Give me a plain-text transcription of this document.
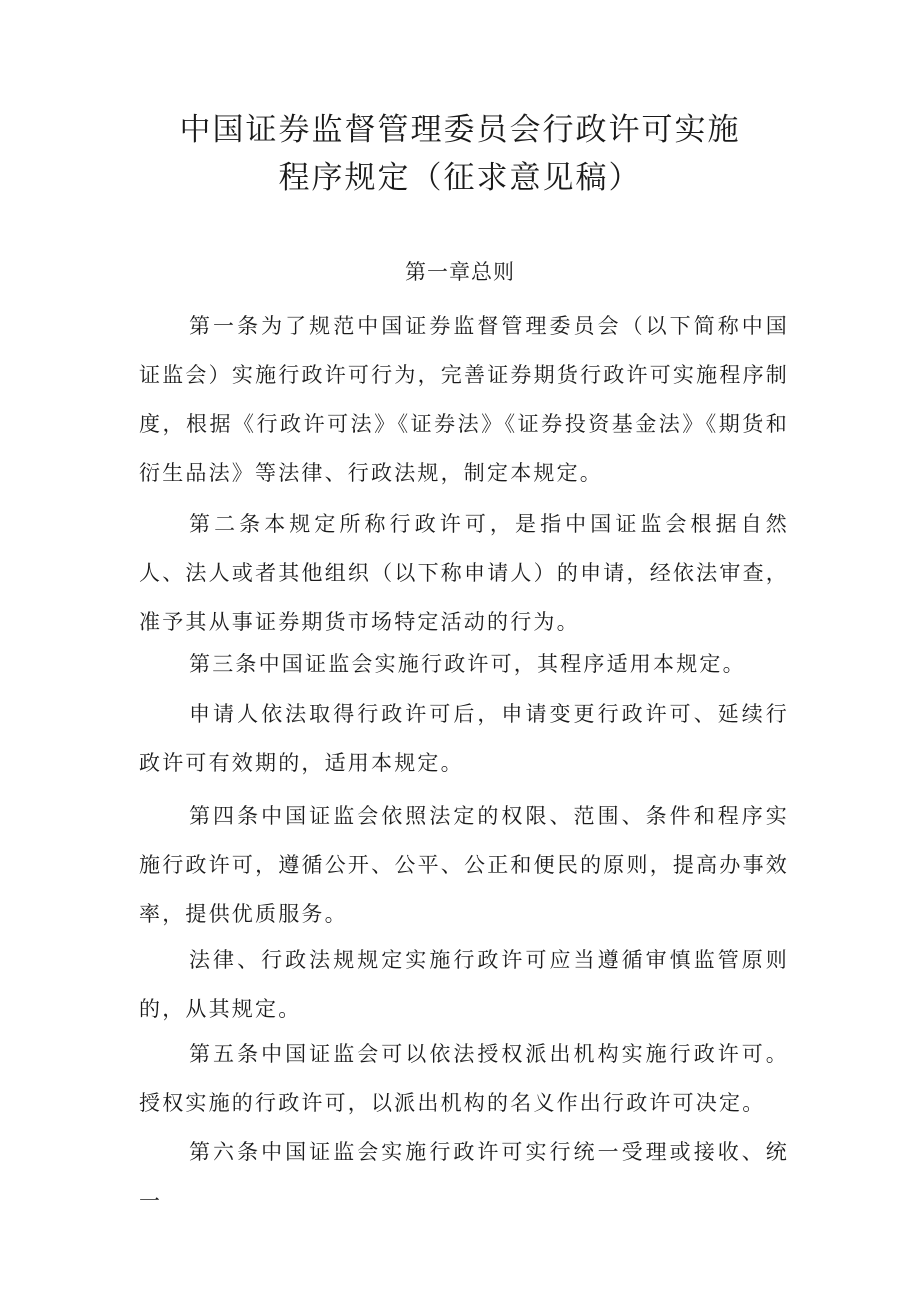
中国证券监督管理委员会行政许可实施
程序规定（征求意见稿）
第一章总则

第一条为了规范中国证券监督管理委员会（以下简称中国证监会）实施行政许可行为，完善证券期货行政许可实施程序制度，根据《行政许可法》《证券法》《证券投资基金法》《期货和衍生品法》等法律、行政法规，制定本规定。

第二条本规定所称行政许可，是指中国证监会根据自然人、法人或者其他组织（以下称申请人）的申请，经依法审查，准予其从事证券期货市场特定活动的行为。

第三条中国证监会实施行政许可，其程序适用本规定。

申请人依法取得行政许可后，申请变更行政许可、延续行政许可有效期的，适用本规定。

第四条中国证监会依照法定的权限、范围、条件和程序实施行政许可，遵循公开、公平、公正和便民的原则，提高办事效率，提供优质服务。

法律、行政法规规定实施行政许可应当遵循审慎监管原则的，从其规定。

第五条中国证监会可以依法授权派出机构实施行政许可。授权实施的行政许可，以派出机构的名义作出行政许可决定。

第六条中国证监会实施行政许可实行统一受理或接收、统一
